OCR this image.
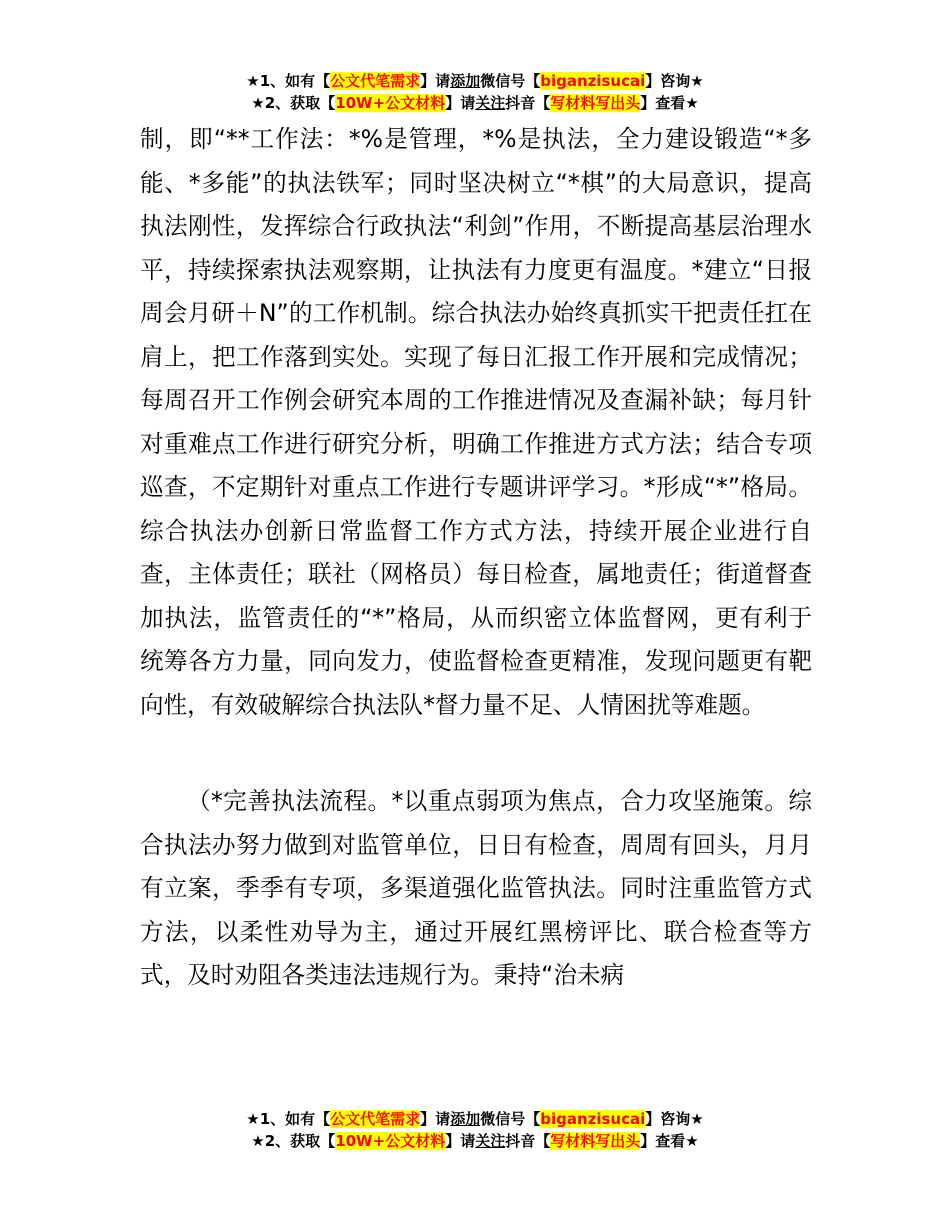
★1、如有【公文代笔需求】请添加微信号【biganzisucai】咨询★
★2、获取【10W+公文材料】请关注抖音【写材料写出头】查看★
制，即“**工作法：*%是管理，*%是执法，全力建设锻造“*多能、*多能”的执法铁军；同时坚决树立“*棋”的大局意识，提高执法刚性，发挥综合行政执法“利剑”作用，不断提高基层治理水平，持续探索执法观察期，让执法有力度更有温度。*建立“日报周会月研＋N”的工作机制。综合执法办始终真抓实干把责任扛在肩上，把工作落到实处。实现了每日汇报工作开展和完成情况；每周召开工作例会研究本周的工作推进情况及查漏补缺；每月针对重难点工作进行研究分析，明确工作推进方式方法；结合专项巡查，不定期针对重点工作进行专题讲评学习。*形成“*”格局。综合执法办创新日常监督工作方式方法，持续开展企业进行自查，主体责任；联社（网格员）每日检查，属地责任；街道督查加执法，监管责任的“*”格局，从而织密立体监督网，更有利于统筹各方力量，同向发力，使监督检查更精准，发现问题更有靶向性，有效破解综合执法队*督力量不足、人情困扰等难题。
（*完善执法流程。*以重点弱项为焦点，合力攻坚施策。综合执法办努力做到对监管单位，日日有检查，周周有回头，月月有立案，季季有专项，多渠道强化监管执法。同时注重监管方式方法，以柔性劝导为主，通过开展红黑榜评比、联合检查等方式，及时劝阻各类违法违规行为。秉持“治未病
★1、如有【公文代笔需求】请添加微信号【biganzisucai】咨询★
★2、获取【10W+公文材料】请关注抖音【写材料写出头】查看★
